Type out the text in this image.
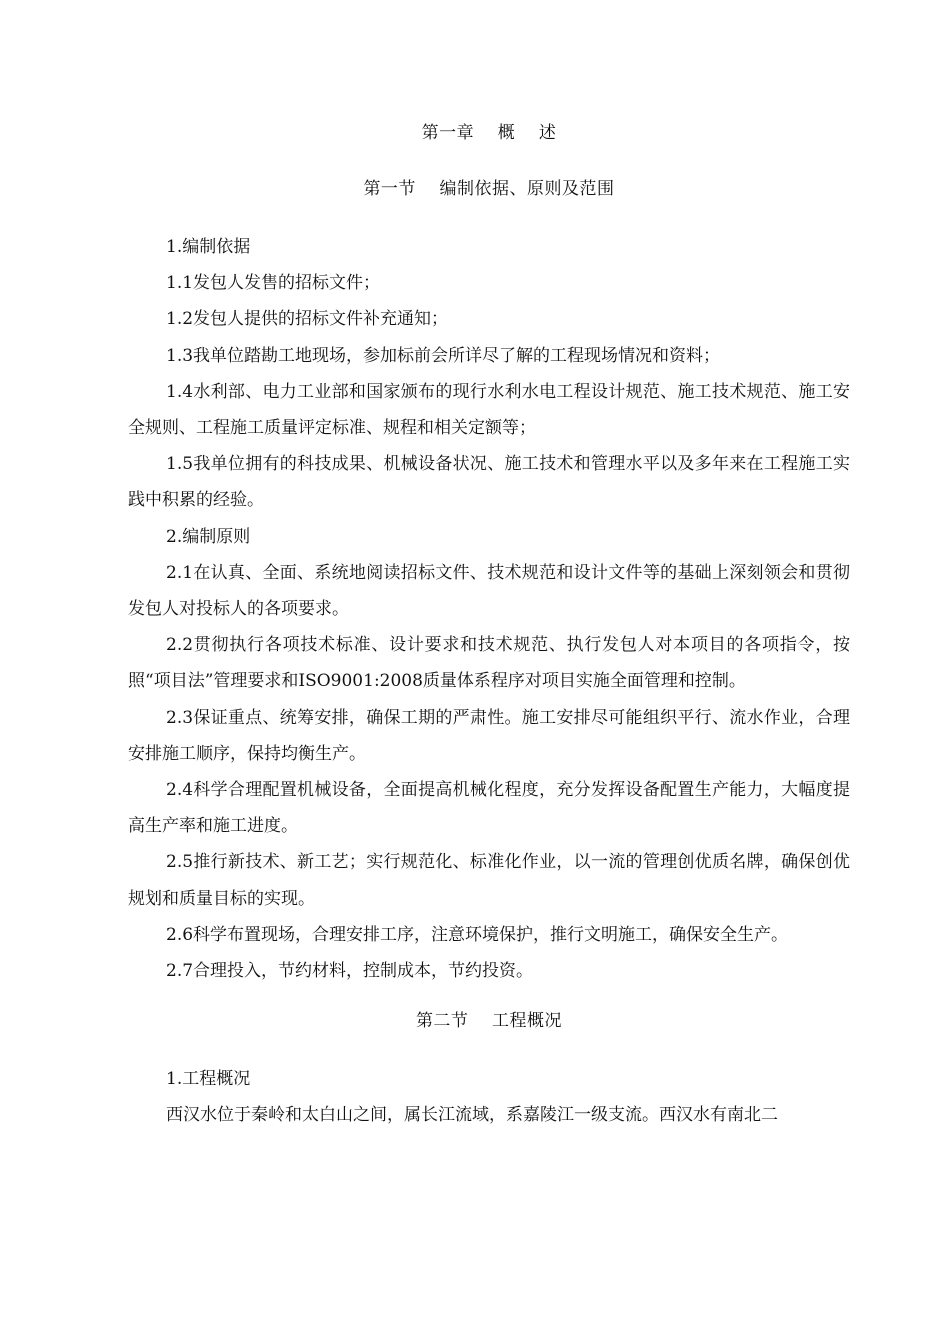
第一章    概    述
第一节    编制依据、原则及范围

1.编制依据

1.1发包人发售的招标文件；

1.2发包人提供的招标文件补充通知；

1.3我单位踏勘工地现场，参加标前会所详尽了解的工程现场情况和资料；

1.4水利部、电力工业部和国家颁布的现行水利水电工程设计规范、施工技术规范、施工安全规则、工程施工质量评定标准、规程和相关定额等；

1.5我单位拥有的科技成果、机械设备状况、施工技术和管理水平以及多年来在工程施工实践中积累的经验。

2.编制原则

2.1在认真、全面、系统地阅读招标文件、技术规范和设计文件等的基础上深刻领会和贯彻发包人对投标人的各项要求。

2.2贯彻执行各项技术标准、设计要求和技术规范、执行发包人对本项目的各项指令，按照“项目法”管理要求和ISO9001:2008质量体系程序对项目实施全面管理和控制。

2.3保证重点、统筹安排，确保工期的严肃性。施工安排尽可能组织平行、流水作业，合理安排施工顺序，保持均衡生产。

2.4科学合理配置机械设备，全面提高机械化程度，充分发挥设备配置生产能力，大幅度提高生产率和施工进度。

2.5推行新技术、新工艺；实行规范化、标准化作业，以一流的管理创优质名牌，确保创优规划和质量目标的实现。

2.6科学布置现场，合理安排工序，注意环境保护，推行文明施工，确保安全生产。

2.7合理投入，节约材料，控制成本，节约投资。

第二节    工程概况

1.工程概况

西汉水位于秦岭和太白山之间，属长江流域，系嘉陵江一级支流。西汉水有南北二
